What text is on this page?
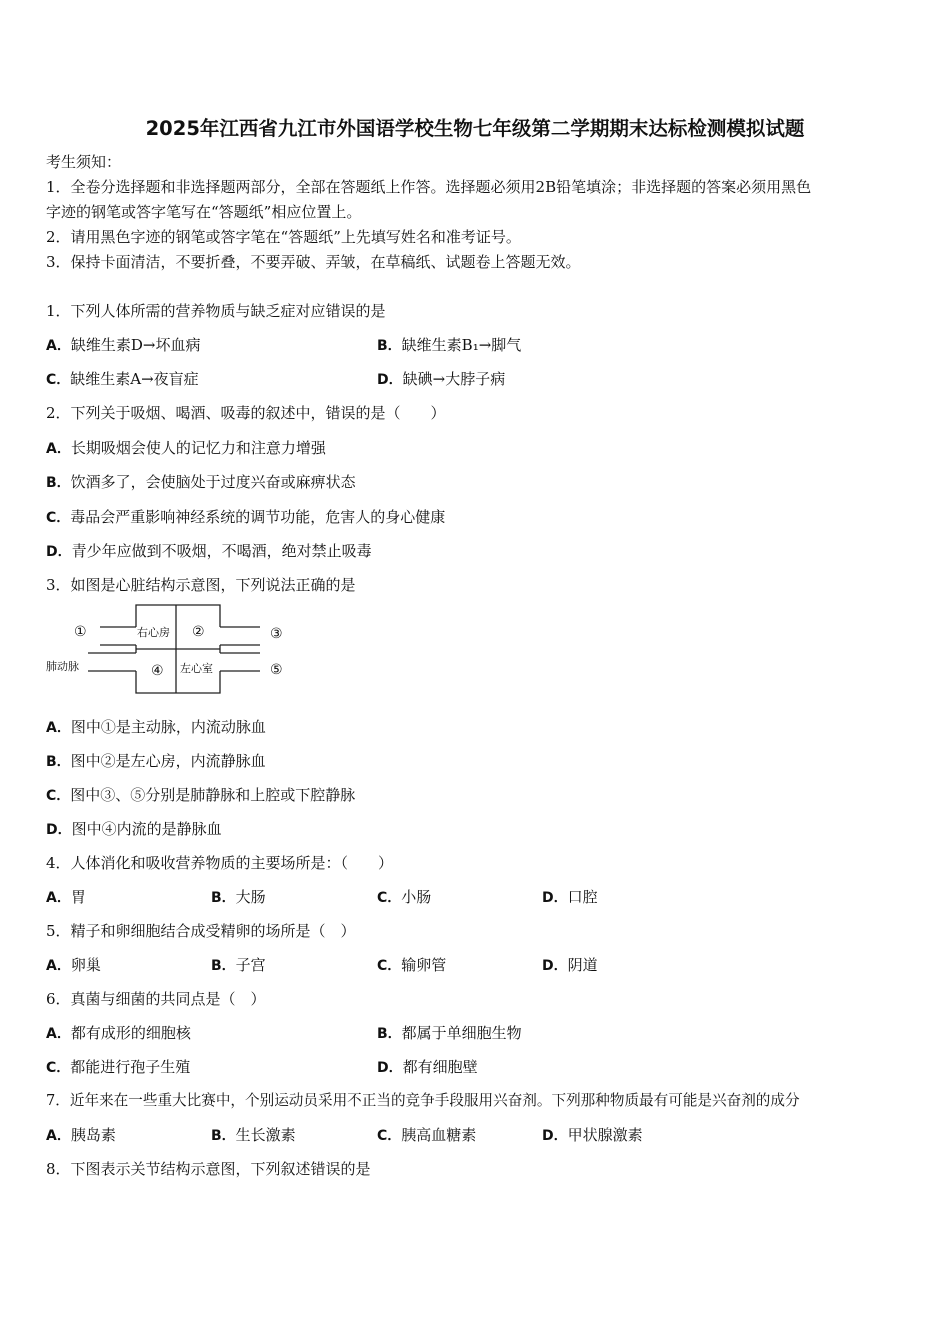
2025年江西省九江市外国语学校生物七年级第二学期期末达标检测模拟试题
考生须知：
1．全卷分选择题和非选择题两部分，全部在答题纸上作答。选择题必须用2B铅笔填涂；非选择题的答案必须用黑色
字迹的钢笔或答字笔写在“答题纸”相应位置上。
2．请用黑色字迹的钢笔或答字笔在“答题纸”上先填写姓名和准考证号。
3．保持卡面清洁，不要折叠，不要弄破、弄皱，在草稿纸、试题卷上答题无效。
1．下列人体所需的营养物质与缺乏症对应错误的是
A．缺维生素D→坏血病	B．缺维生素B₁→脚气
C．缺维生素A→夜盲症	D．缺碘→大脖子病
2．下列关于吸烟、喝酒、吸毒的叙述中，错误的是（　　）
A．长期吸烟会使人的记忆力和注意力增强
B．饮酒多了，会使脑处于过度兴奋或麻痹状态
C．毒品会严重影响神经系统的调节功能，危害人的身心健康
D．青少年应做到不吸烟，不喝酒，绝对禁止吸毒
3．如图是心脏结构示意图，下列说法正确的是
①	右心房 ②	③
肺动脉	④ 左心室	⑤
A．图中①是主动脉，内流动脉血
B．图中②是左心房，内流静脉血
C．图中③、⑤分别是肺静脉和上腔或下腔静脉
D．图中④内流的是静脉血
4．人体消化和吸收营养物质的主要场所是：（　　）
A．胃	B．大肠	C．小肠	D．口腔
5．精子和卵细胞结合成受精卵的场所是（　）
A．卵巢	B．子宫	C．输卵管	D．阴道
6．真菌与细菌的共同点是（　）
A．都有成形的细胞核	B．都属于单细胞生物
C．都能进行孢子生殖	D．都有细胞壁
7．近年来在一些重大比赛中，个别运动员采用不正当的竞争手段服用兴奋剂。下列那种物质最有可能是兴奋剂的成分
A．胰岛素	B．生长激素	C．胰高血糖素	D．甲状腺激素
8．下图表示关节结构示意图，下列叙述错误的是
